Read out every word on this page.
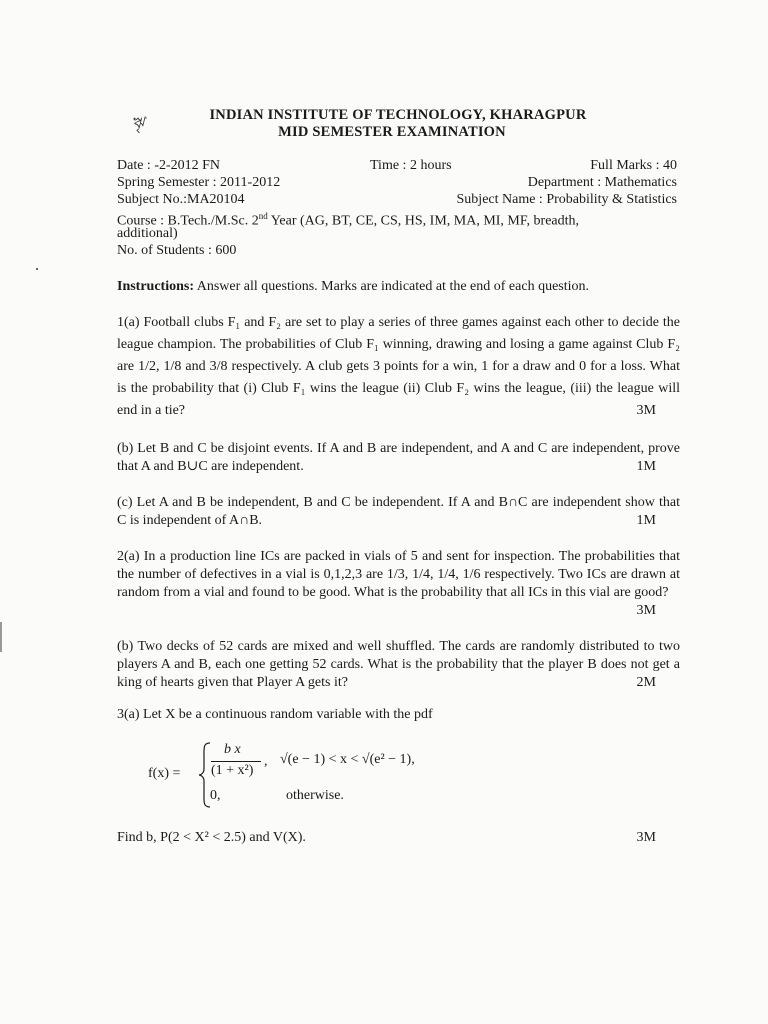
ৠ	INDIAN INSTITUTE OF TECHNOLOGY, KHARAGPUR
MID SEMESTER EXAMINATION
Date : -2-2012 FN	Time : 2 hours	Full Marks : 40
Spring Semester : 2011-2012	Department : Mathematics
Subject No.:MA20104	Subject Name : Probability & Statistics
Course : B.Tech./M.Sc. 2nd Year (AG, BT, CE, CS, HS, IM, MA, MI, MF, breadth,
additional)
No. of Students : 600
Instructions: Answer all questions. Marks are indicated at the end of each question.
1(a) Football clubs F₁ and F₂ are set to play a series of three games against each other to decide the league champion. The probabilities of Club F₁ winning, drawing and losing a game against Club F₂ are 1/2, 1/8 and 3/8 respectively. A club gets 3 points for a win, 1 for a draw and 0 for a loss. What is the probability that (i) Club F₁ wins the league (ii) Club F₂ wins the league, (iii) the league will end in a tie?	3M
(b) Let B and C be disjoint events. If A and B are independent, and A and C are independent, prove that A and B∪C are independent.	1M
(c) Let A and B be independent, B and C be independent. If A and B∩C are independent show that C is independent of A∩B.	1M
2(a) In a production line ICs are packed in vials of 5 and sent for inspection. The probabilities that the number of defectives in a vial is 0,1,2,3 are 1/3, 1/4, 1/4, 1/6 respectively. Two ICs are drawn at random from a vial and found to be good. What is the probability that all ICs in this vial are good?
3M
(b) Two decks of 52 cards are mixed and well shuffled. The cards are randomly distributed to two players A and B, each one getting 52 cards. What is the probability that the player B does not get a king of hearts given that Player A gets it?	2M
3(a) Let X be a continuous random variable with the pdf
f(x) =
b x
(1 + x²)
, √(e − 1) < x < √(e² − 1),
0,	otherwise.
Find b, P(2 < X² < 2.5) and V(X).	3M
